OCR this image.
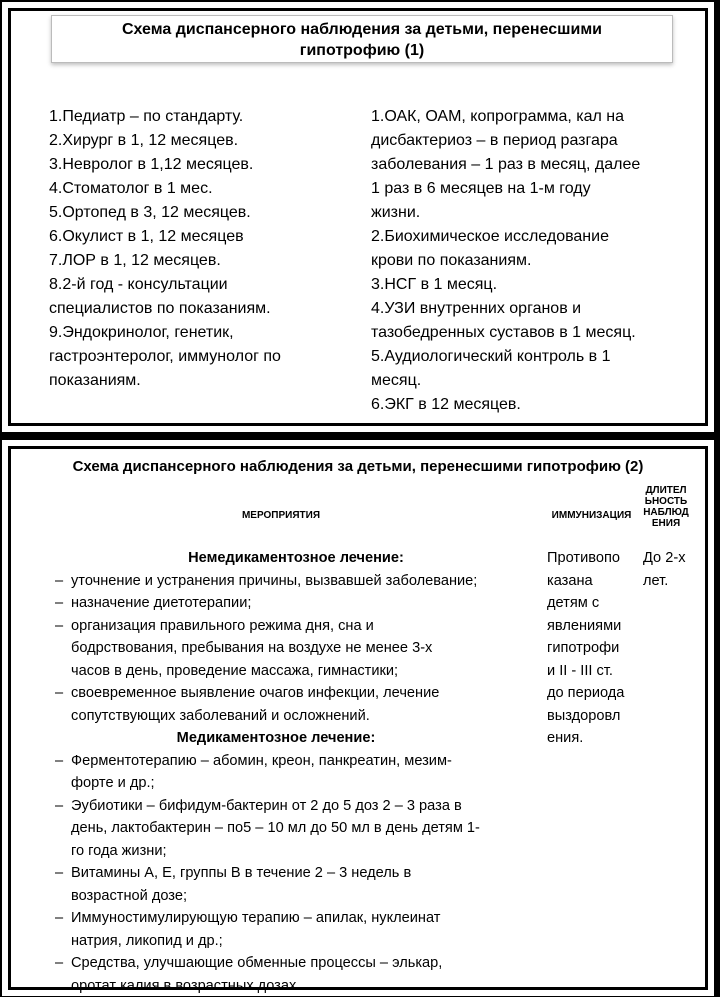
Схема диспансерного наблюдения за детьми, перенесшими
гипотрофию (1)
1.Педиатр – по стандарту.
2.Хирург в 1, 12 месяцев.
3.Невролог в 1,12 месяцев.
4.Стоматолог в 1 мес.
5.Ортопед в 3, 12 месяцев.
6.Окулист в 1, 12 месяцев
7.ЛОР в 1, 12 месяцев.
8.2-й год - консультации
специалистов по показаниям.
9.Эндокринолог, генетик,
гастроэнтеролог, иммунолог по
показаниям.
1.ОАК, ОАМ, копрограмма, кал на
дисбактериоз – в период разгара
заболевания – 1 раз в месяц, далее
1 раз в 6 месяцев на 1-м году
жизни.
2.Биохимическое исследование
крови по показаниям.
3.НСГ в 1 месяц.
4.УЗИ внутренних органов и
тазобедренных суставов в 1 месяц.
5.Аудиологический контроль в 1
месяц.
6.ЭКГ в 12 месяцев.
Схема диспансерного наблюдения за детьми, перенесшими гипотрофию (2)
МЕРОПРИЯТИЯ	ИММУНИЗАЦИЯ
ДЛИТЕЛ
ЬНОСТЬ
НАБЛЮД
ЕНИЯ
Немедикаментозное лечение:
– уточнение и устранения причины, вызвавшей заболевание;
– назначение диетотерапии;
– организация правильного режима дня, сна и
бодрствования, пребывания на воздухе не менее 3-х
часов в день, проведение массажа, гимнастики;
– своевременное выявление очагов инфекции, лечение
сопутствующих заболеваний и осложнений.
Медикаментозное лечение:
– Ферментотерапию – абомин, креон, панкреатин, мезим-
форте и др.;
– Эубиотики – бифидум-бактерин от 2 до 5 доз 2 – 3 раза в
день, лактобактерин – по5 – 10 мл до 50 мл в день детям 1-
го года жизни;
– Витамины А, Е, группы В в течение 2 – 3 недель в
возрастной дозе;
– Иммуностимулирующую терапию – апилак, нуклеинат
натрия, ликопид и др.;
– Средства, улучшающие обменные процессы – элькар,
оротат калия в возрастных дозах
Противопо
казана
детям с
явлениями
гипотрофи
и II - III ст.
до периода
выздоровл
ения.
До 2-х
лет.
